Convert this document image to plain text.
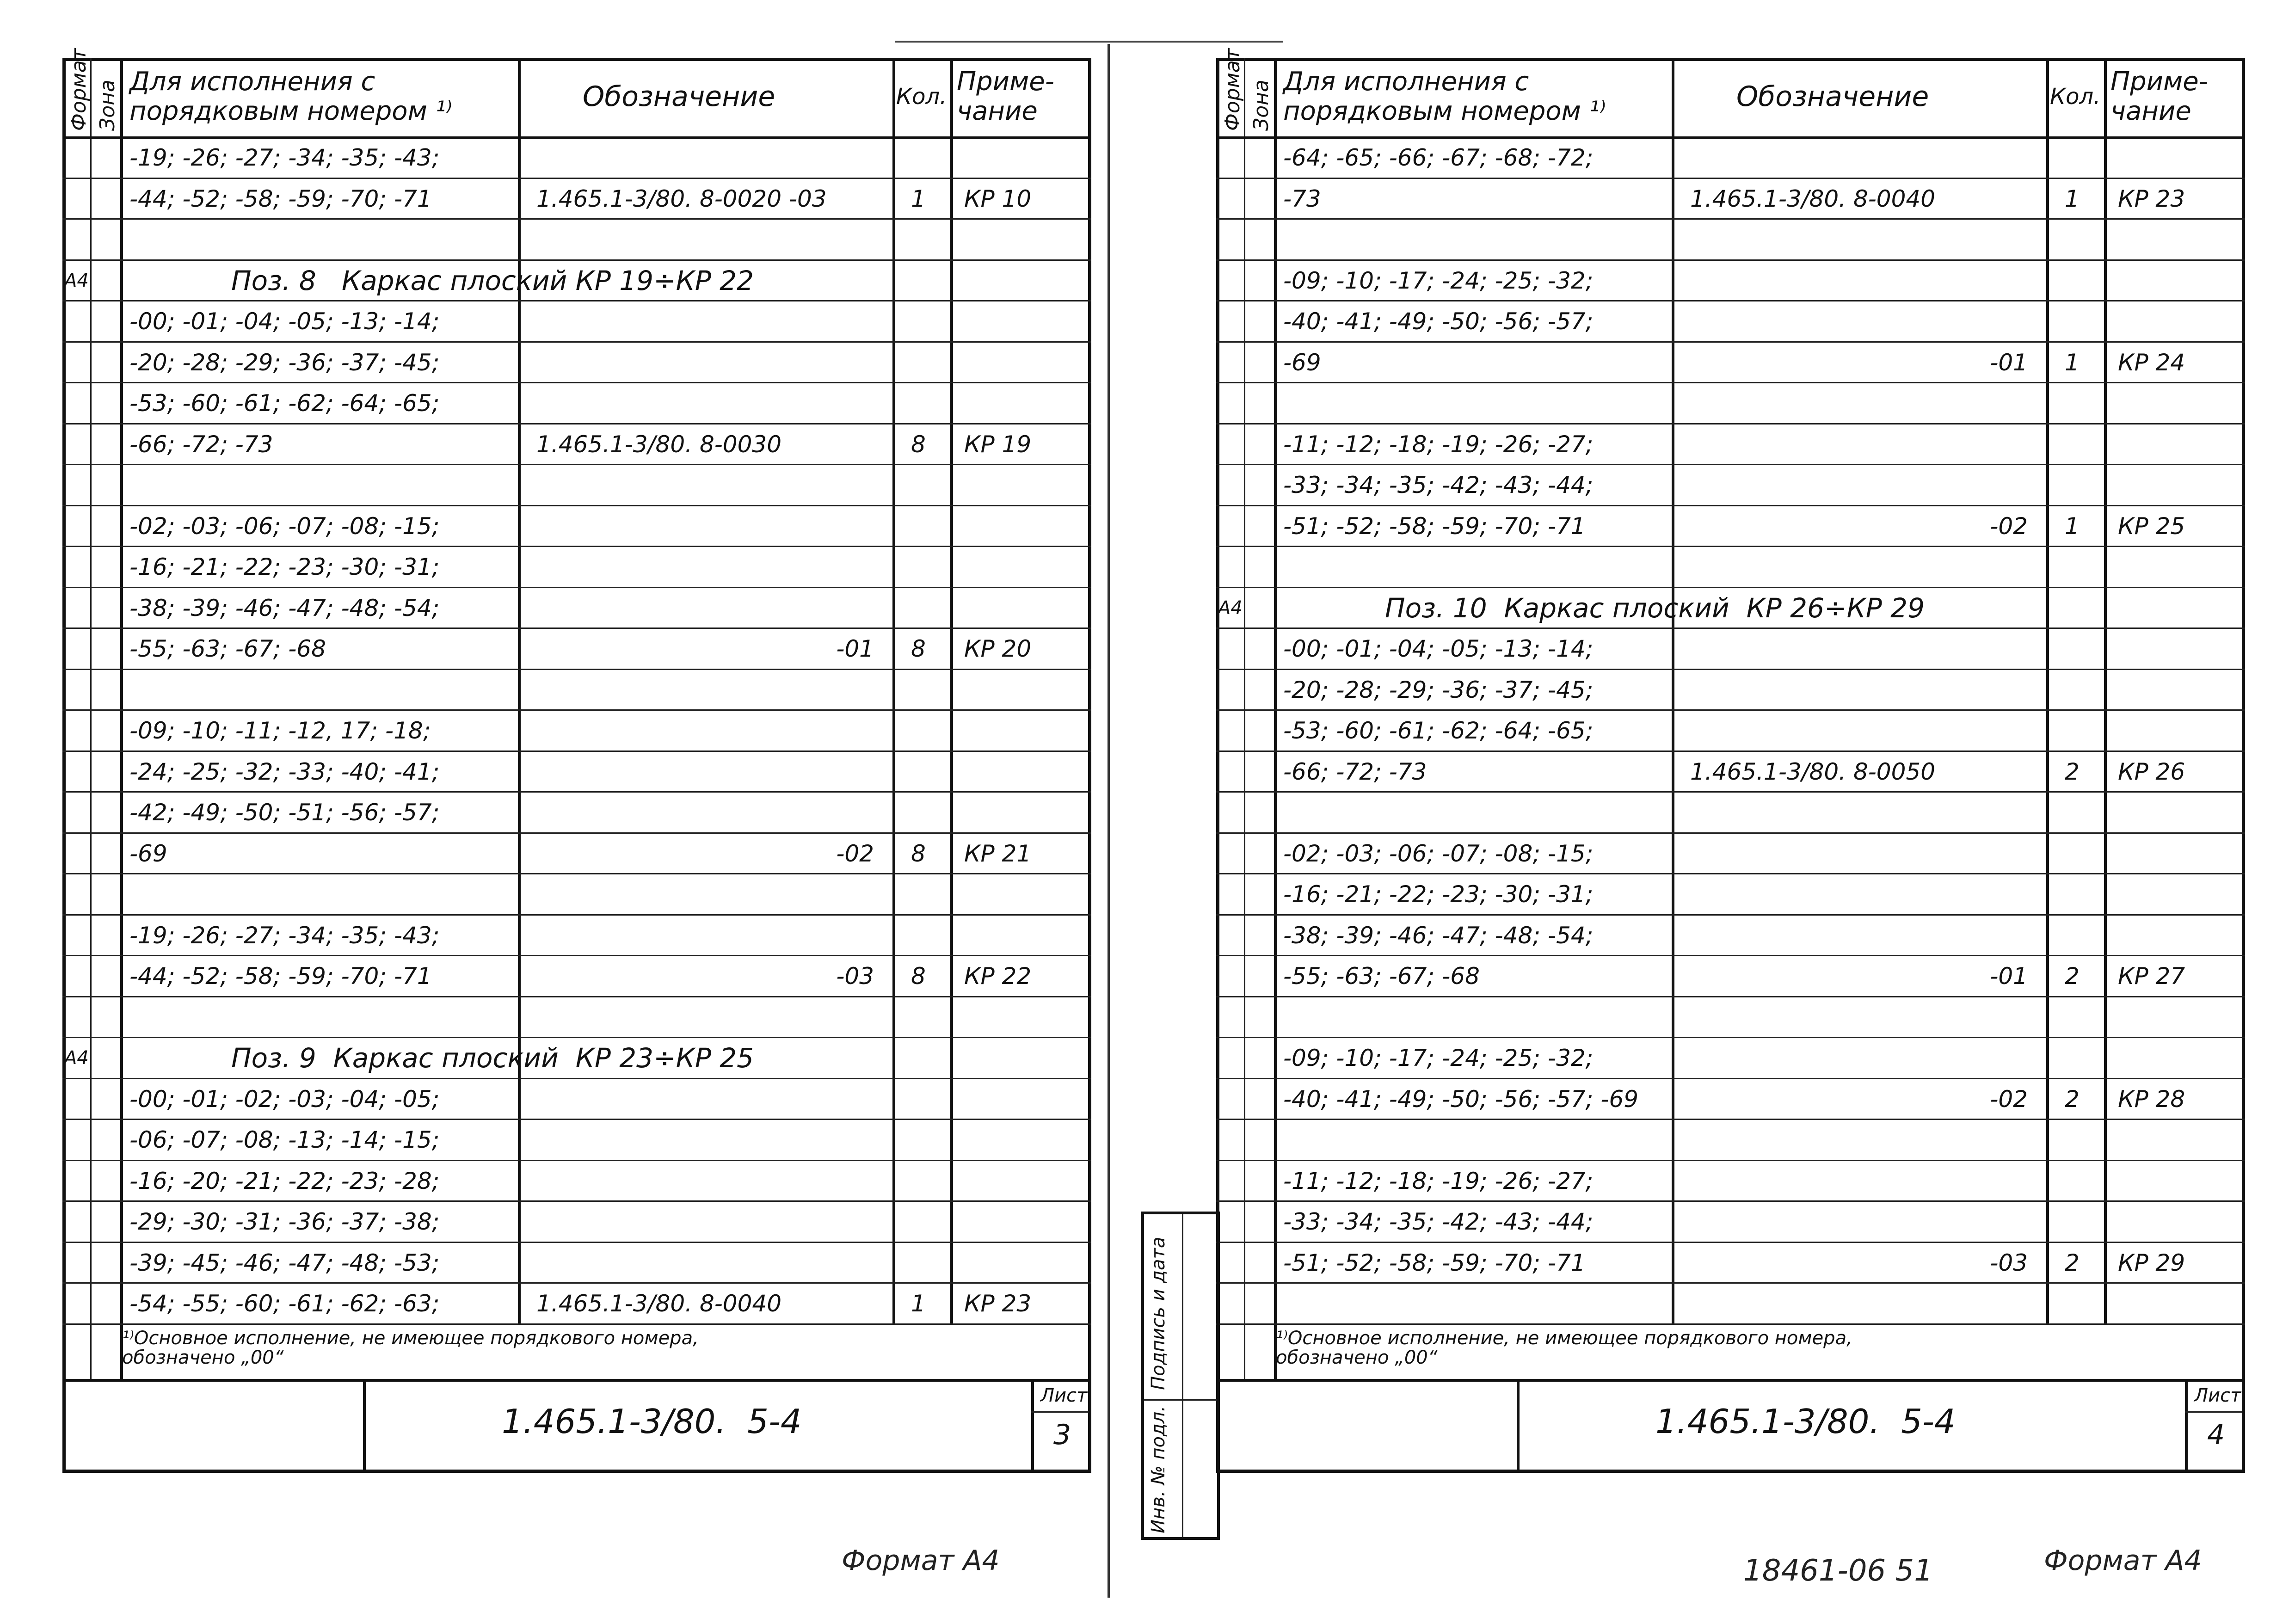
Формат Зона Для исполнения с
порядковым номером ¹⁾	Обозначение	Кол. Приме-
чание
-19; -26; -27; -34; -35; -43;
-44; -52; -58; -59; -70; -71	1.465.1-3/80. 8-0020 -03	1 КР 10
А4	Поз. 8   Каркас плоский КР 19÷КР 22
-00; -01; -04; -05; -13; -14;
-20; -28; -29; -36; -37; -45;
-53; -60; -61; -62; -64; -65;
-66; -72; -73	1.465.1-3/80. 8-0030	8 КР 19
-02; -03; -06; -07; -08; -15;
-16; -21; -22; -23; -30; -31;
-38; -39; -46; -47; -48; -54;
-55; -63; -67; -68	-01 8 КР 20
-09; -10; -11; -12, 17; -18;
-24; -25; -32; -33; -40; -41;
-42; -49; -50; -51; -56; -57;
-69	-02 8 КР 21
-19; -26; -27; -34; -35; -43;
-44; -52; -58; -59; -70; -71	-03 8 КР 22
А4	Поз. 9  Каркас плоский  КР 23÷КР 25
-00; -01; -02; -03; -04; -05;
-06; -07; -08; -13; -14; -15;
-16; -20; -21; -22; -23; -28;
-29; -30; -31; -36; -37; -38;
-39; -45; -46; -47; -48; -53;
-54; -55; -60; -61; -62; -63;	1.465.1-3/80. 8-0040	1 КР 23
¹⁾Основное исполнение, не имеющее порядкового номера,
обозначено „00“
1.465.1-3/80.  5-4
Лист
3
Формат Зона Для исполнения с
порядковым номером ¹⁾	Обозначение	Кол. Приме-
чание
-64; -65; -66; -67; -68; -72;
-73	1.465.1-3/80. 8-0040	1 КР 23
-09; -10; -17; -24; -25; -32;
-40; -41; -49; -50; -56; -57;
-69	-01 1 КР 24
-11; -12; -18; -19; -26; -27;
-33; -34; -35; -42; -43; -44;
-51; -52; -58; -59; -70; -71	-02 1 КР 25
А4	Поз. 10  Каркас плоский  КР 26÷КР 29
-00; -01; -04; -05; -13; -14;
-20; -28; -29; -36; -37; -45;
-53; -60; -61; -62; -64; -65;
-66; -72; -73	1.465.1-3/80. 8-0050	2 КР 26
-02; -03; -06; -07; -08; -15;
-16; -21; -22; -23; -30; -31;
-38; -39; -46; -47; -48; -54;
-55; -63; -67; -68	-01 2 КР 27
-09; -10; -17; -24; -25; -32;
-40; -41; -49; -50; -56; -57; -69	-02 2 КР 28
-11; -12; -18; -19; -26; -27;
-33; -34; -35; -42; -43; -44;
-51; -52; -58; -59; -70; -71	-03 2 КР 29
¹⁾Основное исполнение, не имеющее порядкового номера,
обозначено „00“
1.465.1-3/80.  5-4
Лист
4
Подпись и дата
Инв. № подл.
Формат А4	18461-06 51	Формат А4
